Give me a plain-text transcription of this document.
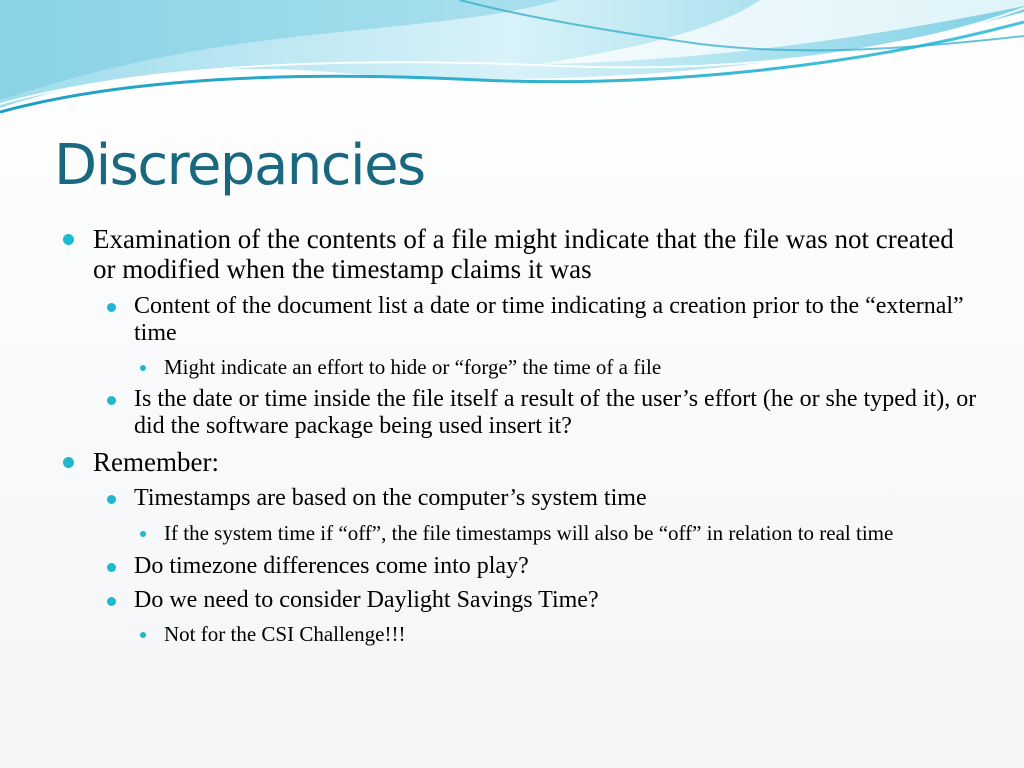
Discrepancies
Examination of the contents of a file might indicate that the file was not created or modified when the timestamp claims it was
Content of the document list a date or time indicating a creation prior to the “external” time
Might indicate an effort to hide or “forge” the time of a file
Is the date or time inside the file itself a result of the user’s effort (he or she typed it), or did the software package being used insert it?
Remember:
Timestamps are based on the computer’s system time
If the system time if “off”, the file timestamps will also be “off” in relation to real time
Do timezone differences come into play?
Do we need to consider Daylight Savings Time?
Not for the CSI Challenge!!!
